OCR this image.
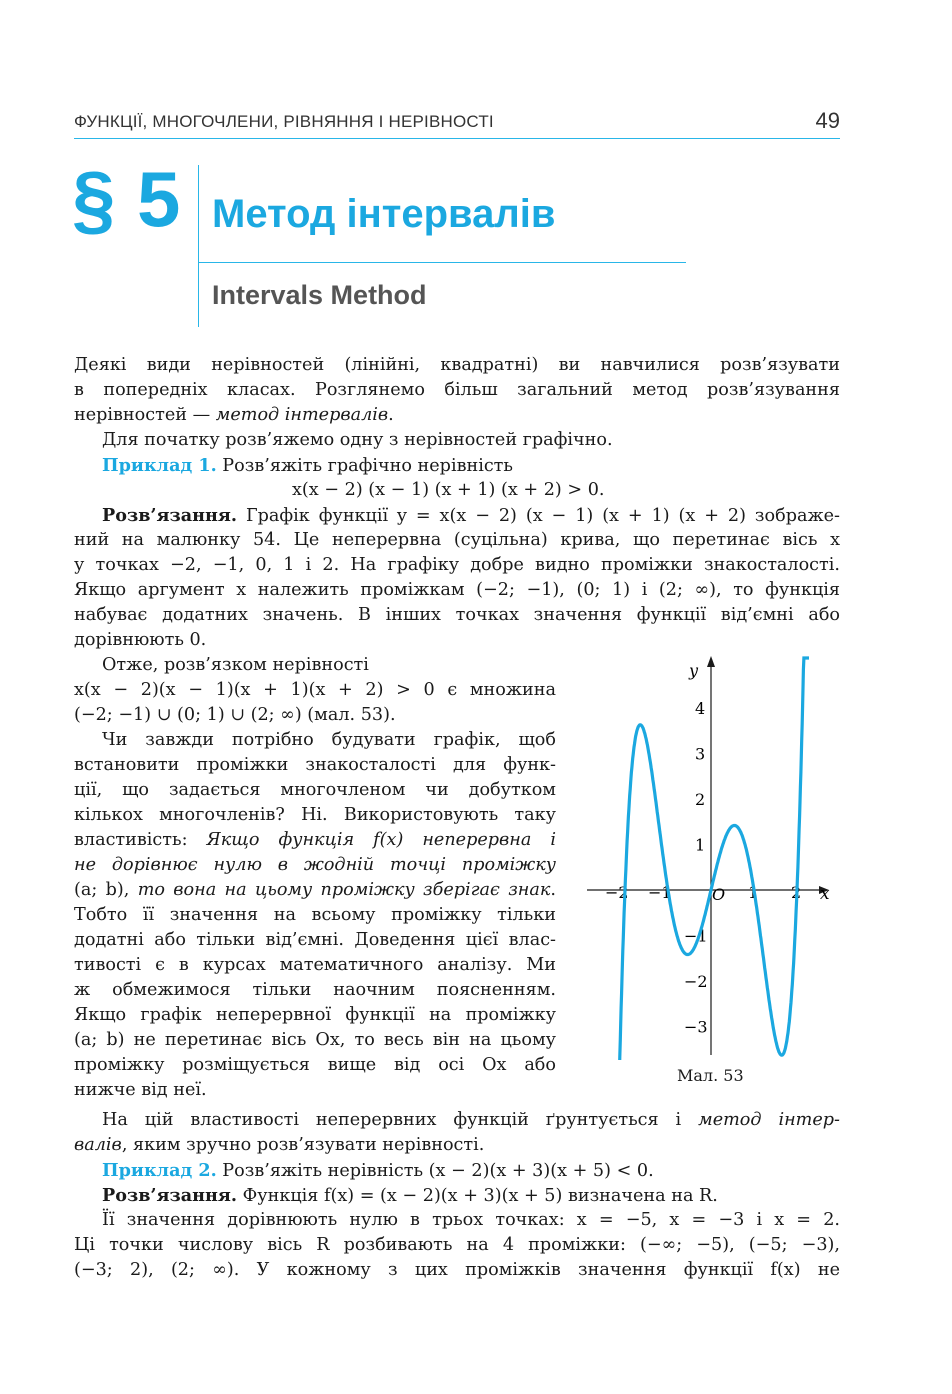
ФУНКЦІЇ, МНОГОЧЛЕНИ, РІВНЯННЯ І НЕРІВНОСТІ	49
§ 5 Метод інтервалів
Intervals Method
Деякі види нерівностей (лінійні, квадратні) ви навчилися розв’язувати
в попередніх класах. Розглянемо більш загальний метод розв’язування
нерівностей — метод інтервалів.
Для початку розв’яжемо одну з нерівностей графічно.
Приклад 1. Розв’яжіть графічно нерівність
x(x − 2) (x − 1) (x + 1) (x + 2) > 0.
Розв’язання. Графік функції y = x(x − 2) (x − 1) (x + 1) (x + 2) зображе-
ний на малюнку 54. Це неперервна (суцільна) крива, що перетинає вісь x
у точках −2, −1, 0, 1 і 2. На графіку добре видно проміжки знакосталості.
Якщо аргумент x належить проміжкам (−2; −1), (0; 1) і (2; ∞), то функція
набуває додатних значень. В інших точках значення функції від’ємні або
дорівнюють 0.
Отже, розв’язком нерівності
x(x − 2)(x − 1)(x + 1)(x + 2) > 0 є множина
(−2; −1) ∪ (0; 1) ∪ (2; ∞) (мал. 53).
Чи завжди потрібно будувати графік, щоб
встановити проміжки знакосталості для функ-
ції, що задається многочленом чи добутком
кількох многочленів? Ні. Використовують таку
властивість: Якщо функція f(x) неперервна і
не дорівнює нулю в жодній точці проміжку
(a; b), то вона на цьому проміжку зберігає знак.
Тобто її значення на всьому проміжку тільки
додатні або тільки від’ємні. Доведення цієї влас-
тивості є в курсах математичного аналізу. Ми
ж обмежимося тільки наочним поясненням.
Якщо графік неперервної функції на проміжку
(a; b) не перетинає вісь Ox, то весь він на цьому
проміжку розміщується вище від осі Ox або
нижче від неї.
На цій властивості неперервних функцій ґрунтується і метод інтер-
валів, яким зручно розв’язувати нерівності.
Приклад 2. Розв’яжіть нерівність (x − 2)(x + 3)(x + 5) < 0.
Розв’язання. Функція f(x) = (x − 2)(x + 3)(x + 5) визначена на R.
Її значення дорівнюють нулю в трьох точках: x = −5, x = −3 і x = 2.
Ці точки числову вісь R розбивають на 4 проміжки: (−∞; −5), (−5; −3),
(−3; 2), (2; ∞). У кожному з цих проміжків значення функції f(x) не
y
x
O
−2 −1	1 2
4
3
2
1
−1
−2
−3
Мал. 53
